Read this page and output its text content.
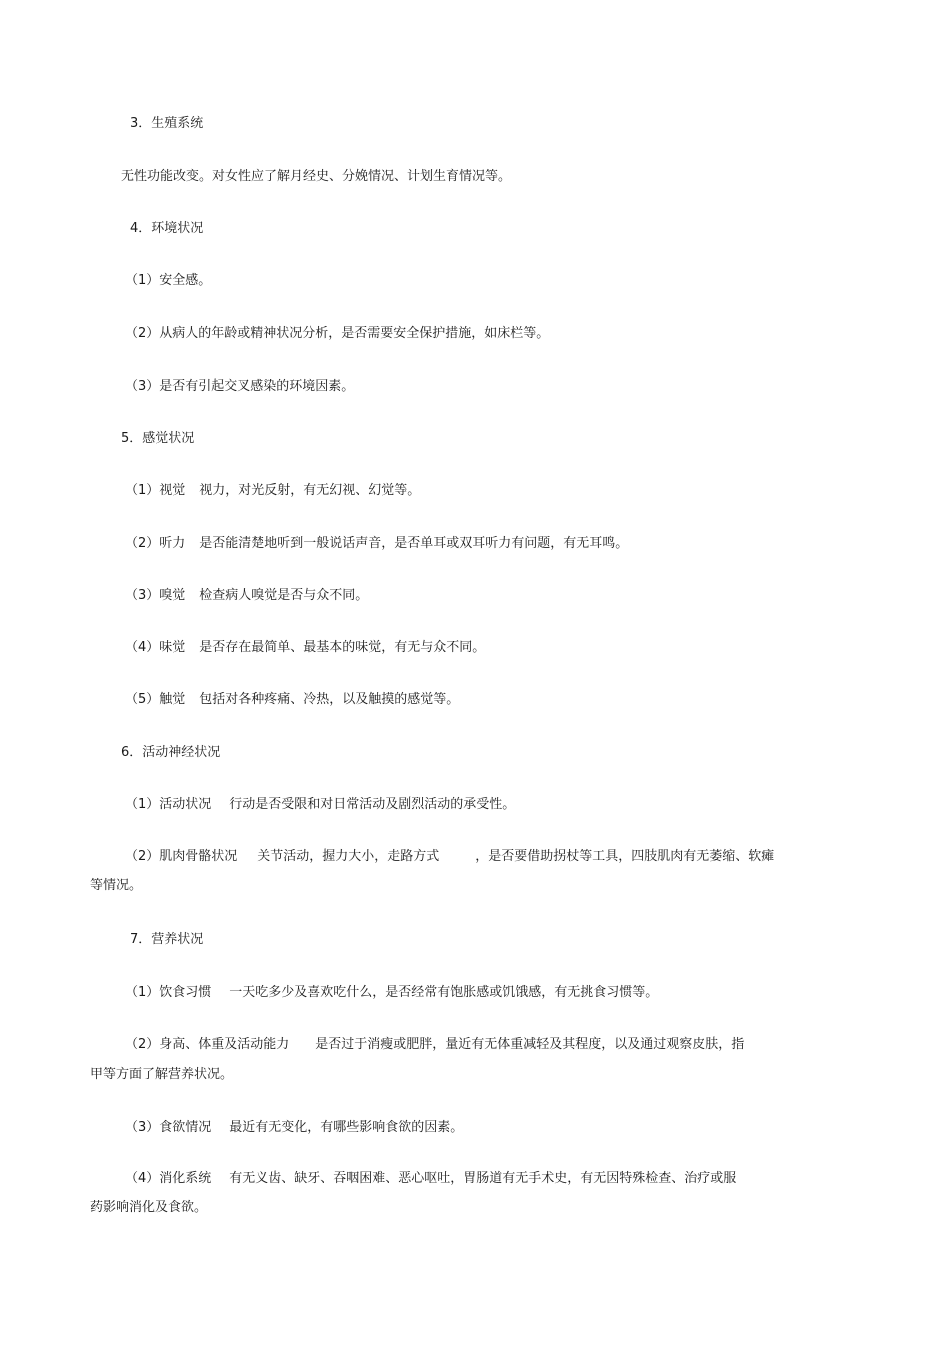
3．生殖系统

无性功能改变。对女性应了解月经史、分娩情况、计划生育情况等。

4．环境状况

（1）安全感。

（2）从病人的年龄或精神状况分析，是否需要安全保护措施，如床栏等。

（3）是否有引起交叉感染的环境因素。

5．感觉状况

（1）视觉 视力，对光反射，有无幻视、幻觉等。

（2）听力 是否能清楚地听到一般说话声音，是否单耳或双耳听力有问题，有无耳鸣。

（3）嗅觉 检查病人嗅觉是否与众不同。

（4）味觉 是否存在最简单、最基本的味觉，有无与众不同。

（5）触觉 包括对各种疼痛、冷热，以及触摸的感觉等。

6．活动神经状况

（1）活动状况 行动是否受限和对日常活动及剧烈活动的承受性。

（2）肌肉骨骼状况 关节活动，握力大小，走路方式	，是否要借助拐杖等工具，四肢肌肉有无萎缩、软瘫

等情况。

7．营养状况

（1）饮食习惯 一天吃多少及喜欢吃什么，是否经常有饱胀感或饥饿感，有无挑食习惯等。

（2）身高、体重及活动能力 是否过于消瘦或肥胖，量近有无体重减轻及其程度，以及通过观察皮肤，指

甲等方面了解营养状况。

（3）食欲情况 最近有无变化，有哪些影响食欲的因素。

（4）消化系统 有无义齿、缺牙、吞咽困难、恶心呕吐，胃肠道有无手术史，有无因特殊检查、治疗或服

药影响消化及食欲。
